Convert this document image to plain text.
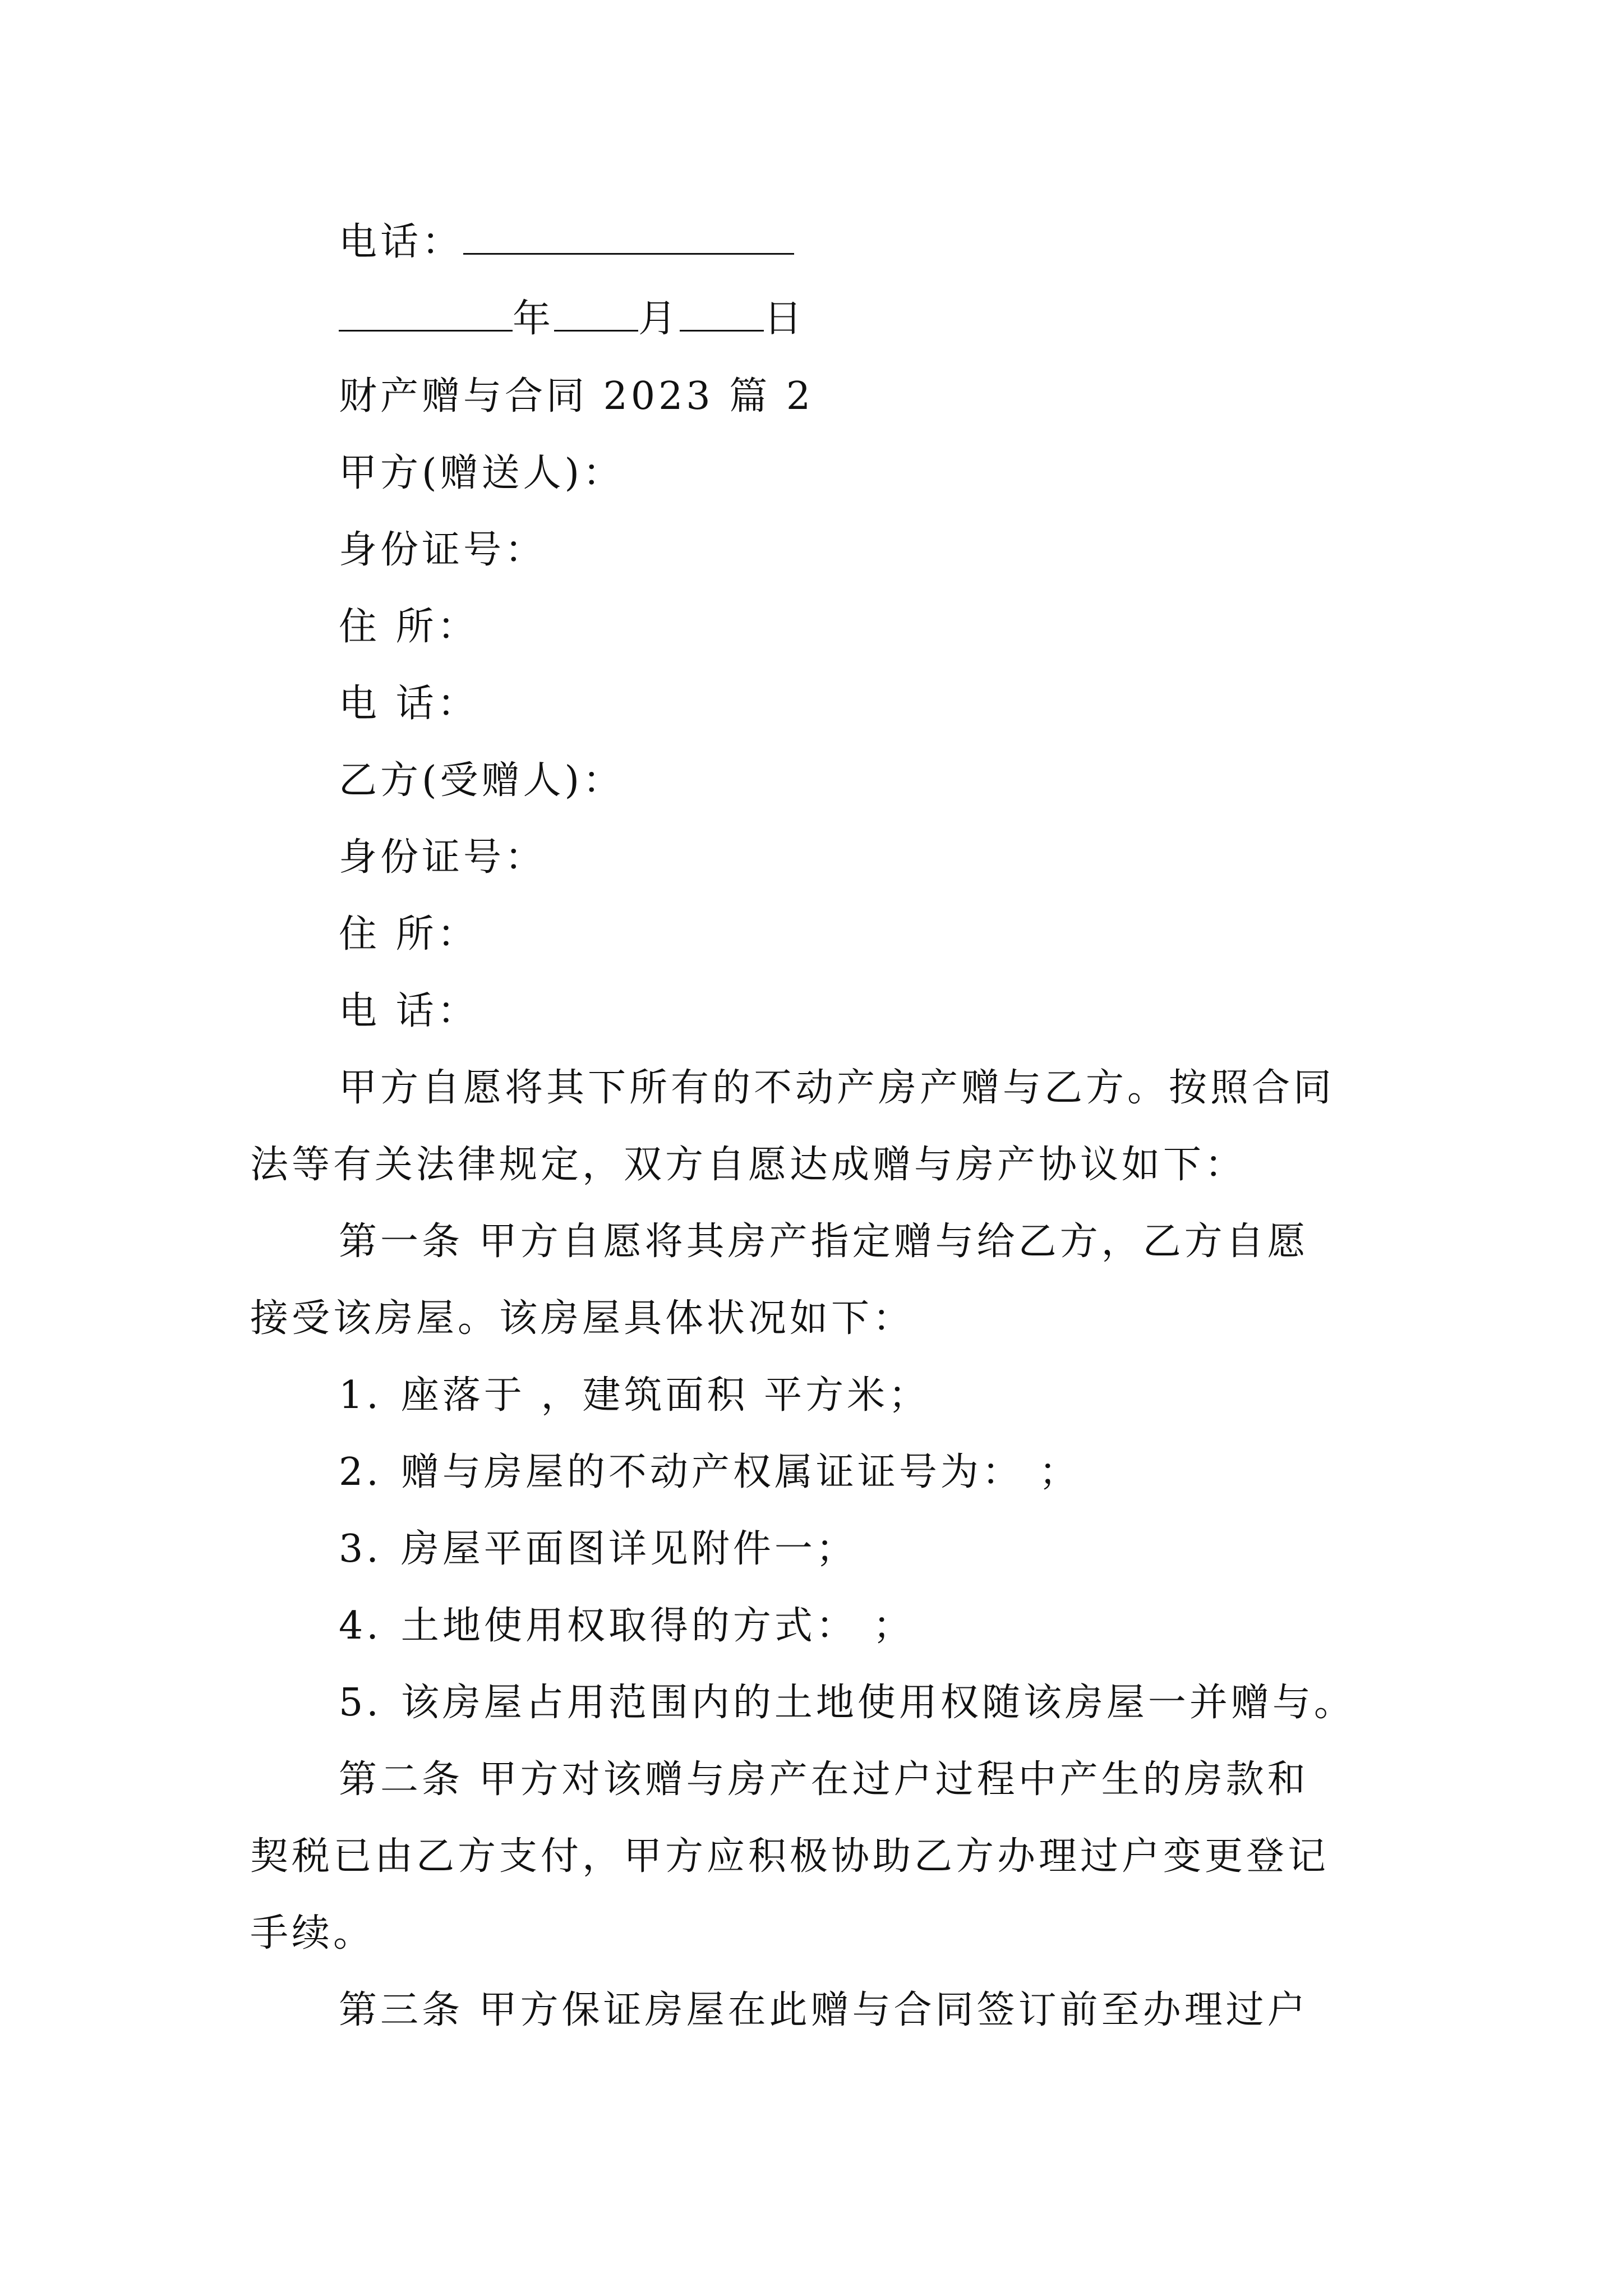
电话：
年 月 日
财产赠与合同 2023 篇 2
甲方(赠送人)：
身份证号：
住 所：
电 话：
乙方(受赠人)：
身份证号：
住 所：
电 话：
甲方自愿将其下所有的不动产房产赠与乙方。按照合同
法等有关法律规定，双方自愿达成赠与房产协议如下：
第一条 甲方自愿将其房产指定赠与给乙方，乙方自愿
接受该房屋。该房屋具体状况如下：
1. 座落于 ，建筑面积 平方米；
2. 赠与房屋的不动产权属证证号为： ；
3. 房屋平面图详见附件一；
4. 土地使用权取得的方式： ；
5. 该房屋占用范围内的土地使用权随该房屋一并赠与。
第二条 甲方对该赠与房产在过户过程中产生的房款和
契税已由乙方支付，甲方应积极协助乙方办理过户变更登记
手续。
第三条 甲方保证房屋在此赠与合同签订前至办理过户
